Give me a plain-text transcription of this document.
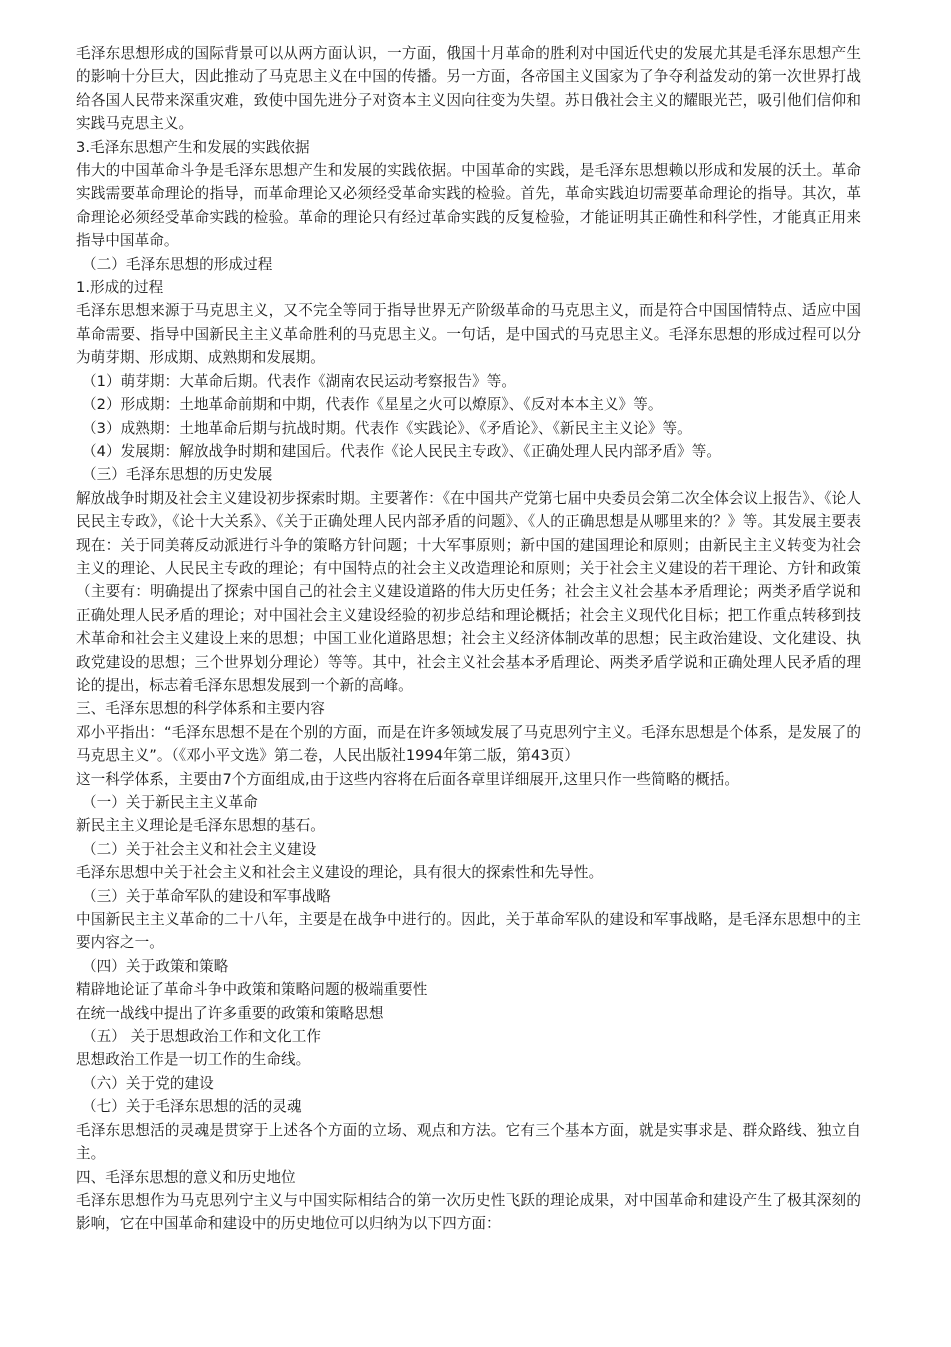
毛泽东思想形成的国际背景可以从两方面认识，一方面，俄国十月革命的胜利对中国近代史的发展尤其是毛泽东思想产生的影响十分巨大，因此推动了马克思主义在中国的传播。另一方面，各帝国主义国家为了争夺利益发动的第一次世界打战给各国人民带来深重灾难，致使中国先进分子对资本主义因向往变为失望。苏日俄社会主义的耀眼光芒，吸引他们信仰和实践马克思主义。

3.毛泽东思想产生和发展的实践依据

伟大的中国革命斗争是毛泽东思想产生和发展的实践依据。中国革命的实践，是毛泽东思想赖以形成和发展的沃土。革命实践需要革命理论的指导，而革命理论又必须经受革命实践的检验。首先，革命实践迫切需要革命理论的指导。其次，革命理论必须经受革命实践的检验。革命的理论只有经过革命实践的反复检验，才能证明其正确性和科学性，才能真正用来指导中国革命。

（二）毛泽东思想的形成过程

1.形成的过程

毛泽东思想来源于马克思主义，又不完全等同于指导世界无产阶级革命的马克思主义，而是符合中国国情特点、适应中国革命需要、指导中国新民主主义革命胜利的马克思主义。一句话，是中国式的马克思主义。毛泽东思想的形成过程可以分为萌芽期、形成期、成熟期和发展期。

（1）萌芽期：大革命后期。代表作《湖南农民运动考察报告》等。

（2）形成期：土地革命前期和中期，代表作《星星之火可以燎原》、《反对本本主义》等。

（3）成熟期：土地革命后期与抗战时期。代表作《实践论》、《矛盾论》、《新民主主义论》等。

（4）发展期：解放战争时期和建国后。代表作《论人民民主专政》、《正确处理人民内部矛盾》等。

（三）毛泽东思想的历史发展

解放战争时期及社会主义建设初步探索时期。主要著作：《在中国共产党第七届中央委员会第二次全体会议上报告》、《论人民民主专政》，《论十大关系》、《关于正确处理人民内部矛盾的问题》、《人的正确思想是从哪里来的？》等。其发展主要表现在：关于同美蒋反动派进行斗争的策略方针问题；十大军事原则；新中国的建国理论和原则；由新民主主义转变为社会主义的理论、人民民主专政的理论；有中国特点的社会主义改造理论和原则；关于社会主义建设的若干理论、方针和政策（主要有：明确提出了探索中国自己的社会主义建设道路的伟大历史任务；社会主义社会基本矛盾理论；两类矛盾学说和正确处理人民矛盾的理论；对中国社会主义建设经验的初步总结和理论概括；社会主义现代化目标；把工作重点转移到技术革命和社会主义建设上来的思想；中国工业化道路思想；社会主义经济体制改革的思想；民主政治建设、文化建设、执政党建设的思想；三个世界划分理论）等等。其中，社会主义社会基本矛盾理论、两类矛盾学说和正确处理人民矛盾的理论的提出，标志着毛泽东思想发展到一个新的高峰。

三、毛泽东思想的科学体系和主要内容

邓小平指出：“毛泽东思想不是在个别的方面，而是在许多领域发展了马克思列宁主义。毛泽东思想是个体系，是发展了的马克思主义”。（《邓小平文选》第二卷，人民出版社1994年第二版，第43页）

这一科学体系，主要由7个方面组成,由于这些内容将在后面各章里详细展开,这里只作一些简略的概括。

（一）关于新民主主义革命

新民主主义理论是毛泽东思想的基石。

（二）关于社会主义和社会主义建设

毛泽东思想中关于社会主义和社会主义建设的理论，具有很大的探索性和先导性。

（三）关于革命军队的建设和军事战略

中国新民主主义革命的二十八年，主要是在战争中进行的。因此，关于革命军队的建设和军事战略，是毛泽东思想中的主要内容之一。

（四）关于政策和策略

精辟地论证了革命斗争中政策和策略问题的极端重要性

在统一战线中提出了许多重要的政策和策略思想

（五） 关于思想政治工作和文化工作

思想政治工作是一切工作的生命线。

（六）关于党的建设

（七）关于毛泽东思想的活的灵魂

毛泽东思想活的灵魂是贯穿于上述各个方面的立场、观点和方法。它有三个基本方面，就是实事求是、群众路线、独立自主。

四、毛泽东思想的意义和历史地位

毛泽东思想作为马克思列宁主义与中国实际相结合的第一次历史性飞跃的理论成果，对中国革命和建设产生了极其深刻的影响，它在中国革命和建设中的历史地位可以归纳为以下四方面：
